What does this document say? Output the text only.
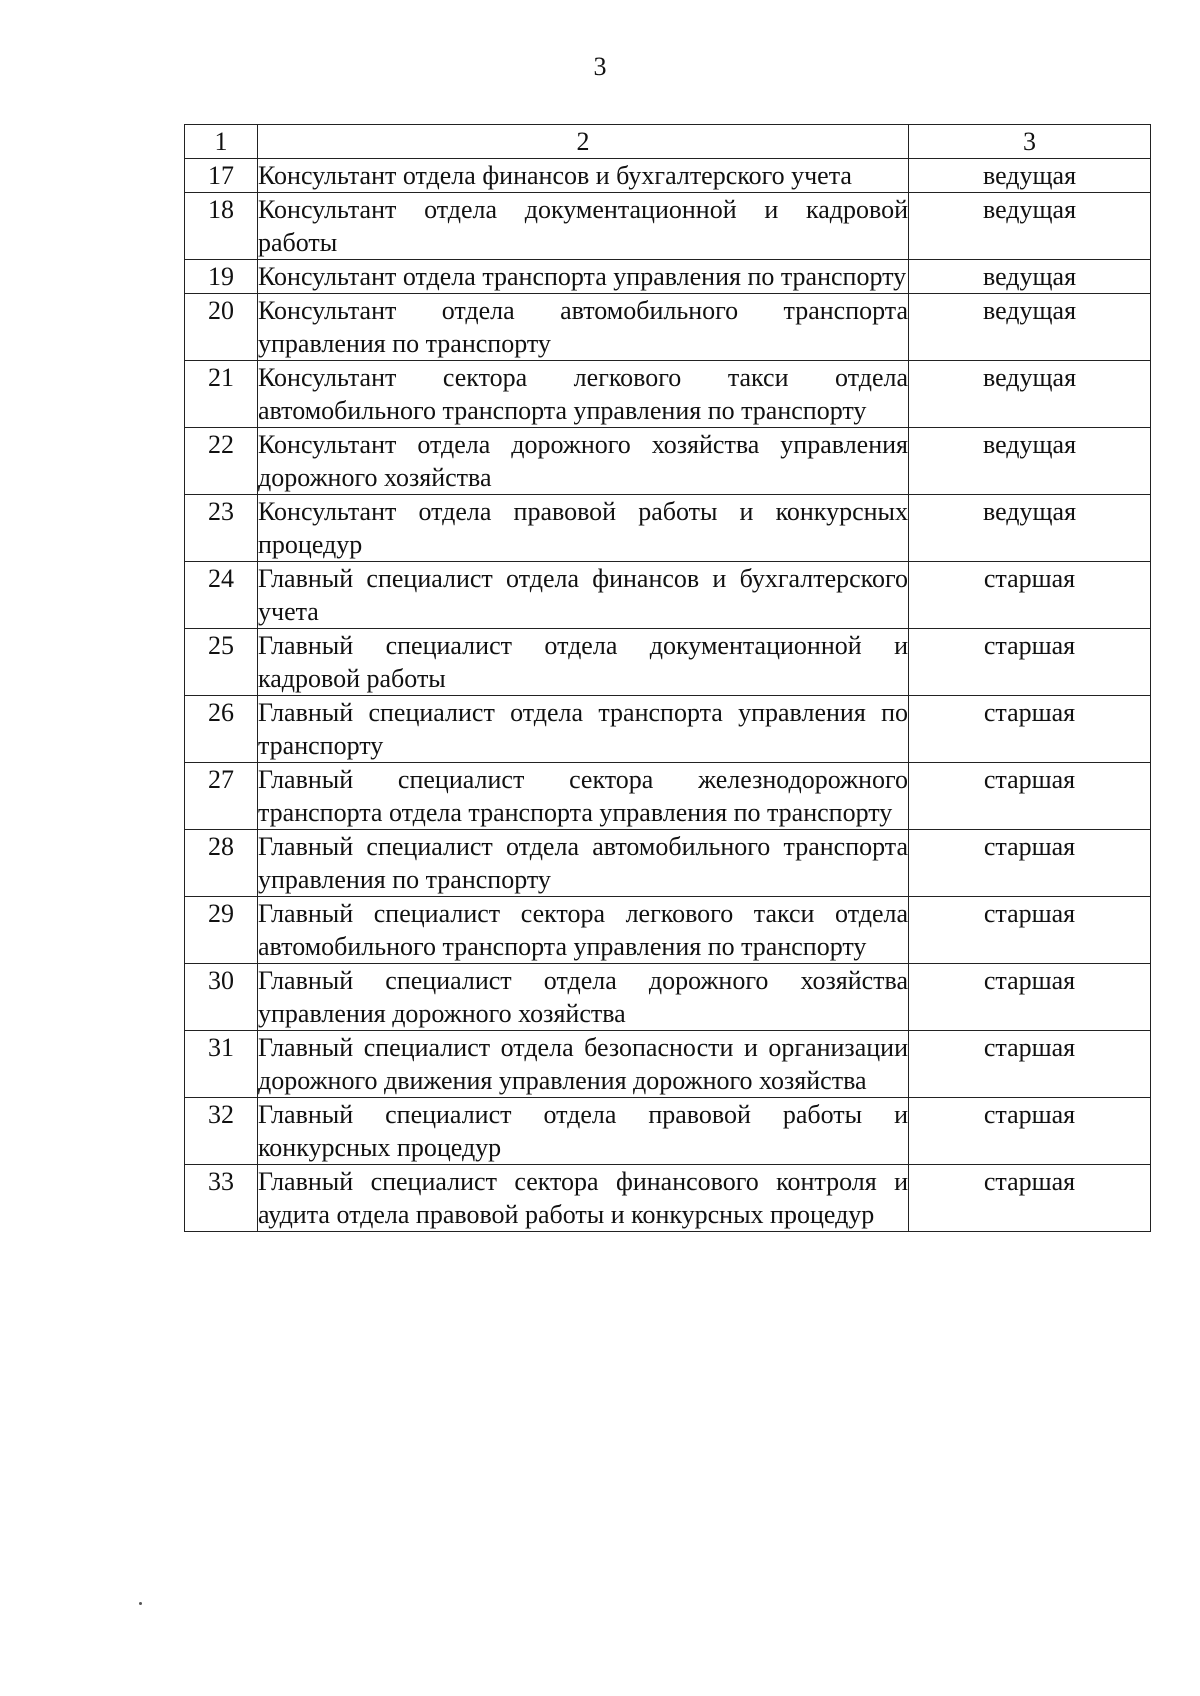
3
1	2	3
17	Консультант отдела финансов и бухгалтерского учета	ведущая
18	Консультант отдела документационной и кадровой работы	ведущая
19	Консультант отдела транспорта управления по транспорту	ведущая
20	Консультант отдела автомобильного транспорта управления по транспорту	ведущая
21	Консультант сектора легкового такси отдела автомобильного транспорта управления по транспорту	ведущая
22	Консультант отдела дорожного хозяйства управления дорожного хозяйства	ведущая
23	Консультант отдела правовой работы и конкурсных процедур	ведущая
24	Главный специалист отдела финансов и бухгалтерского учета	старшая
25	Главный специалист отдела документационной и кадровой работы	старшая
26	Главный специалист отдела транспорта управления по транспорту	старшая
27	Главный специалист сектора железнодорожного транспорта отдела транспорта управления по транспорту	старшая
28	Главный специалист отдела автомобильного транспорта управления по транспорту	старшая
29	Главный специалист сектора легкового такси отдела автомобильного транспорта управления по транспорту	старшая
30	Главный специалист отдела дорожного хозяйства управления дорожного хозяйства	старшая
31	Главный специалист отдела безопасности и организации дорожного движения управления дорожного хозяйства	старшая
32	Главный специалист отдела правовой работы и конкурсных процедур	старшая
33	Главный специалист сектора финансового контроля и аудита отдела правовой работы и конкурсных процедур	старшая
